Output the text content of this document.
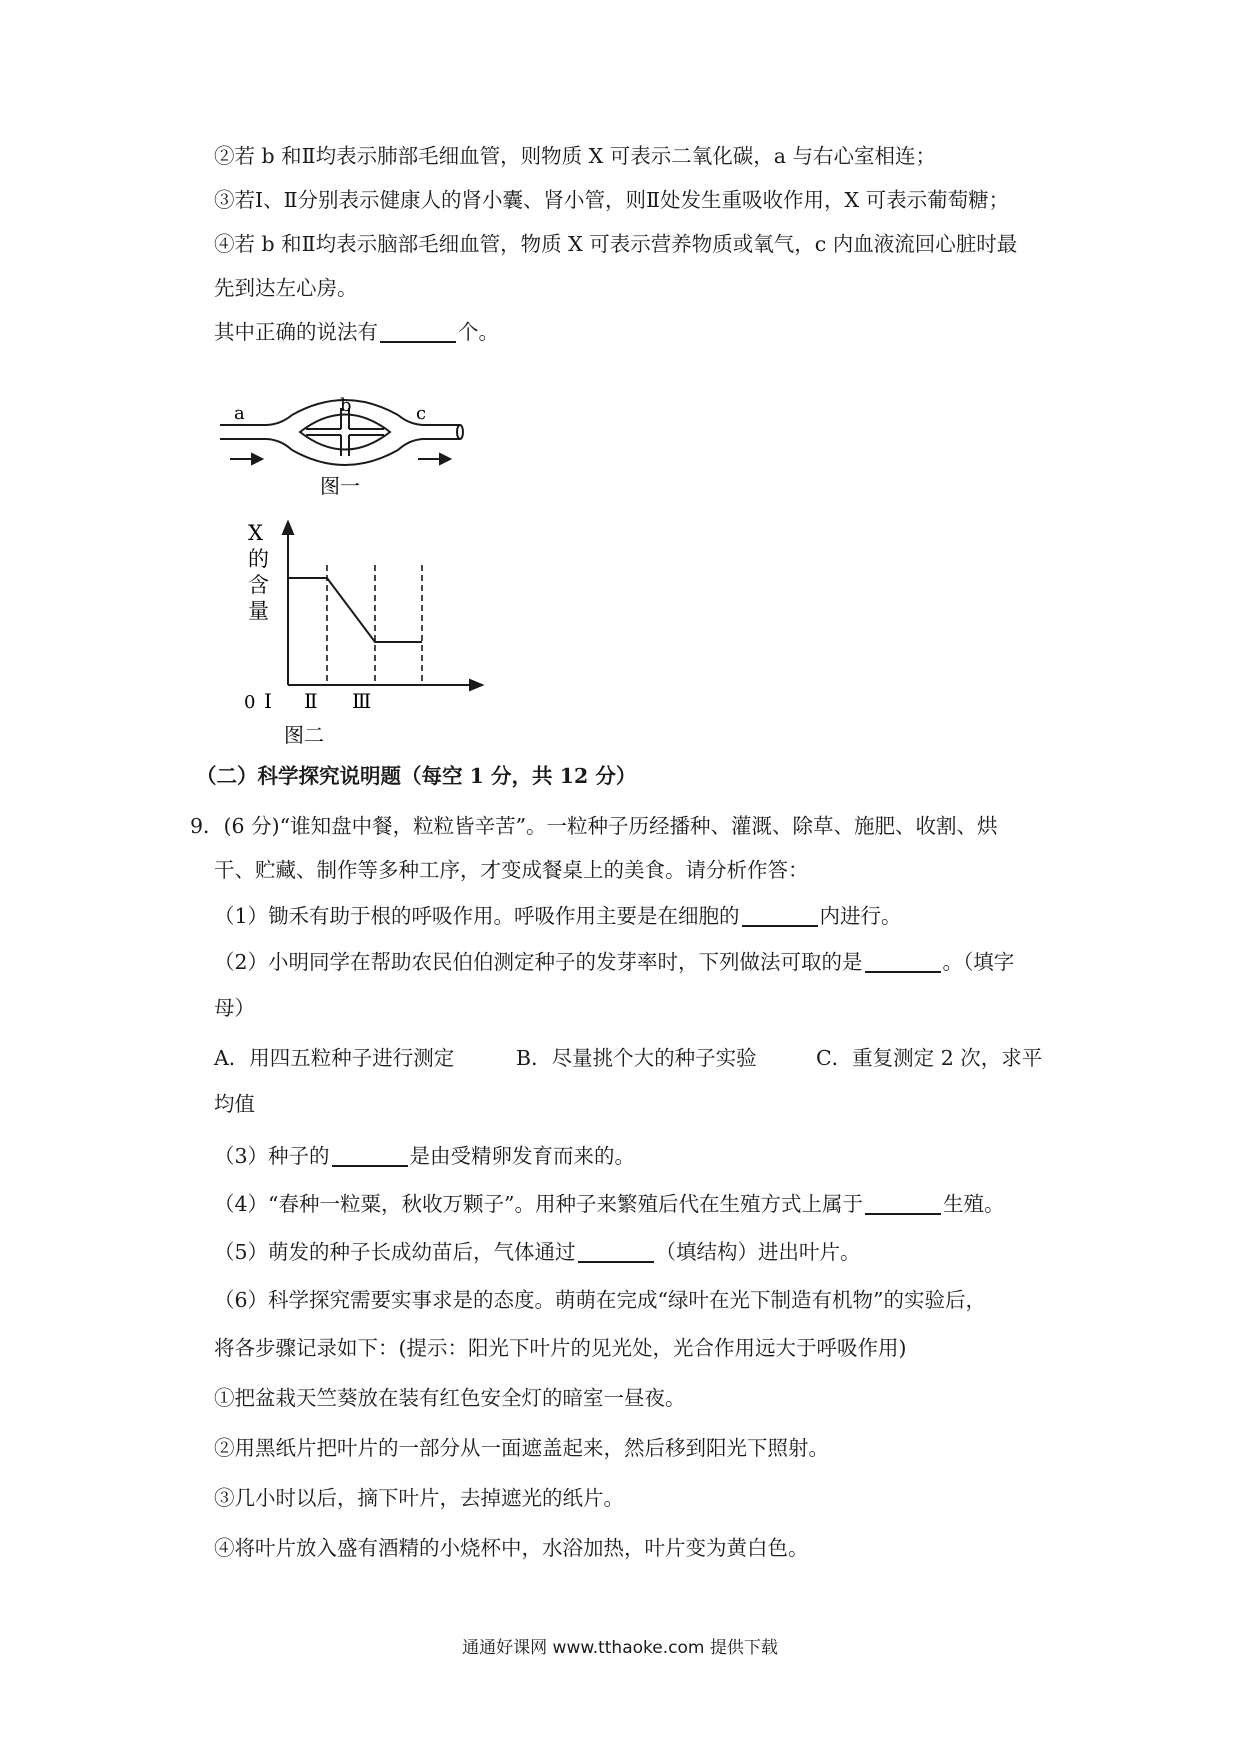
②若 b 和Ⅱ均表示肺部毛细血管，则物质 X 可表示二氧化碳，a 与右心室相连；
③若Ⅰ、Ⅱ分别表示健康人的肾小囊、肾小管，则Ⅱ处发生重吸收作用，X 可表示葡萄糖；
④若 b 和Ⅱ均表示脑部毛细血管，物质 X 可表示营养物质或氧气，c 内血液流回心脏时最
先到达左心房。
其中正确的说法有	个。
a	b	c
图一
X
的
含
量
0 Ⅰ Ⅱ Ⅲ
图二
（二）科学探究说明题（每空 1 分，共 12 分）
9．(6 分)“谁知盘中餐，粒粒皆辛苦”。一粒种子历经播种、灌溉、除草、施肥、收割、烘
干、贮藏、制作等多种工序，才变成餐桌上的美食。请分析作答：
（1）锄禾有助于根的呼吸作用。呼吸作用主要是在细胞的	内进行。
（2）小明同学在帮助农民伯伯测定种子的发芽率时，下列做法可取的是	。（填字
母）
A．用四五粒种子进行测定	B．尽量挑个大的种子实验	C．重复测定 2 次，求平
均值
（3）种子的	是由受精卵发育而来的。
（4）“春种一粒粟，秋收万颗子”。用种子来繁殖后代在生殖方式上属于	生殖。
（5）萌发的种子长成幼苗后，气体通过	（填结构）进出叶片。
（6）科学探究需要实事求是的态度。萌萌在完成“绿叶在光下制造有机物”的实验后，
将各步骤记录如下：(提示：阳光下叶片的见光处，光合作用远大于呼吸作用)
①把盆栽天竺葵放在装有红色安全灯的暗室一昼夜。
②用黑纸片把叶片的一部分从一面遮盖起来，然后移到阳光下照射。
③几小时以后，摘下叶片，去掉遮光的纸片。
④将叶片放入盛有酒精的小烧杯中，水浴加热，叶片变为黄白色。
通通好课网 www.tthaoke.com 提供下载
